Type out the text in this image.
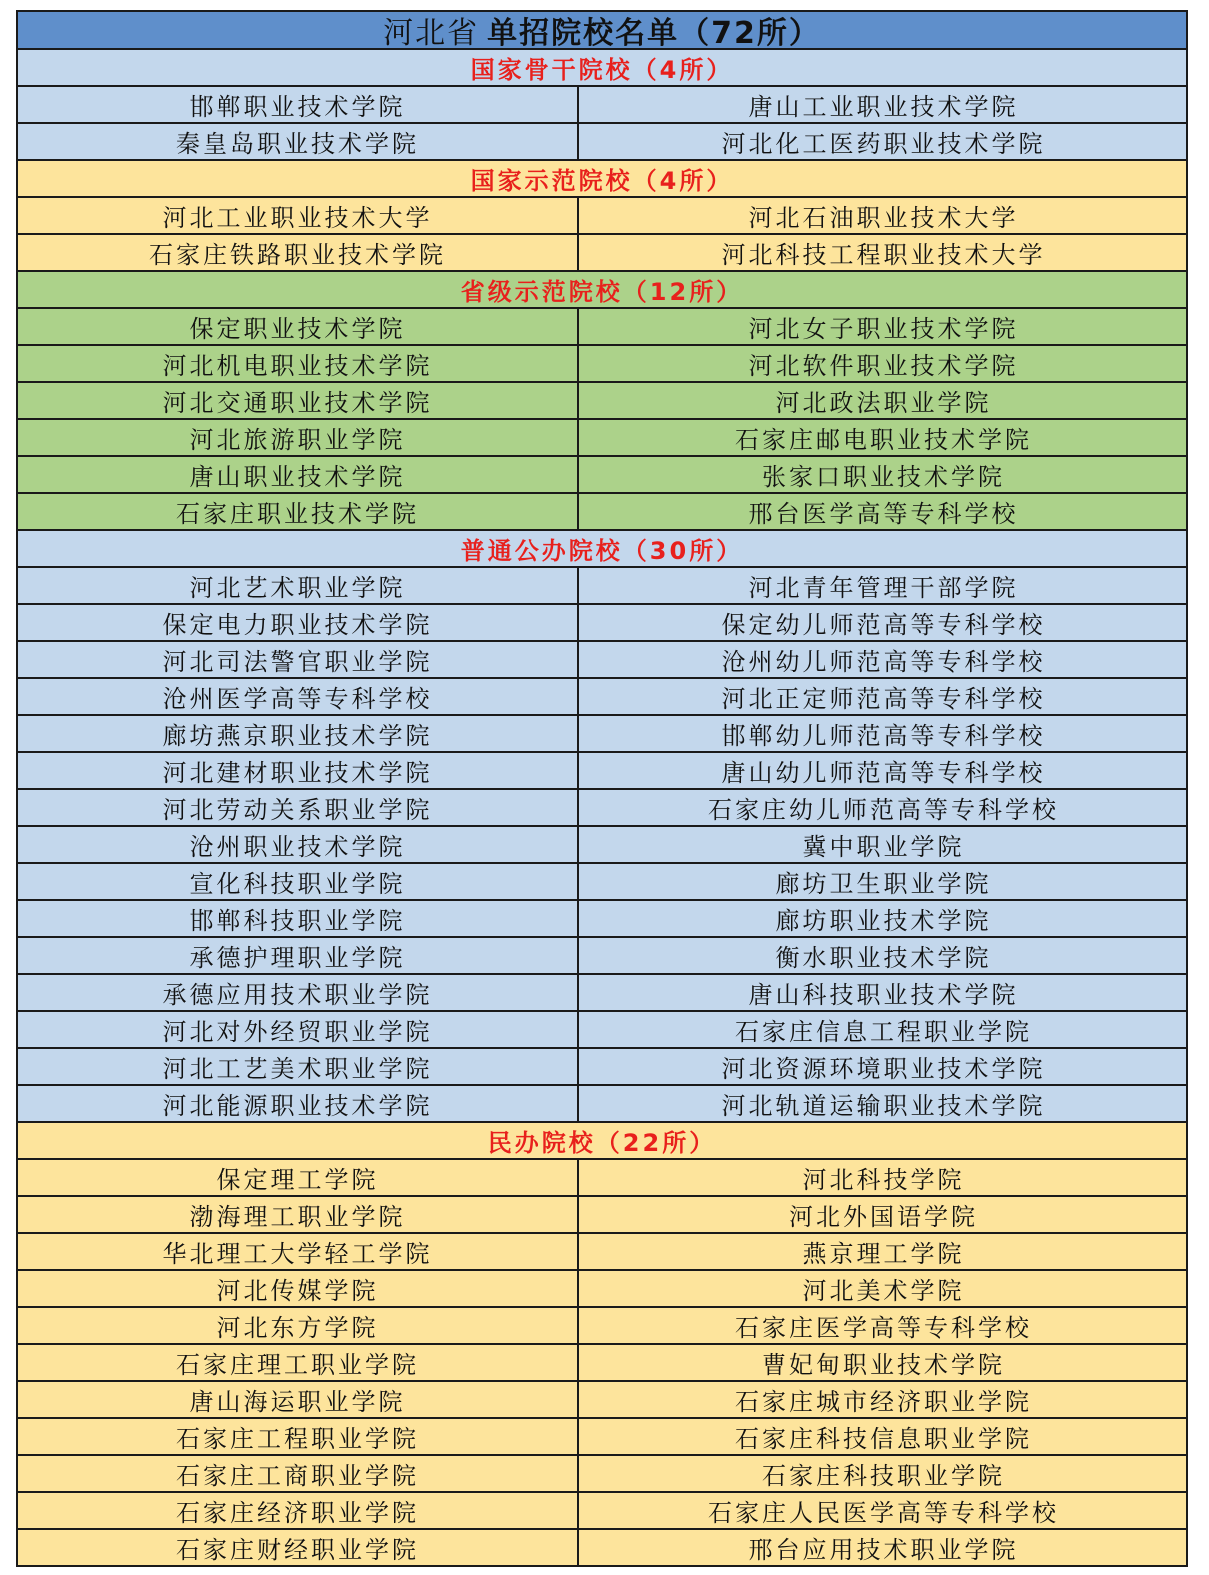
河北省 单招院校名单（72所）
国家骨干院校（4所）
邯郸职业技术学院	唐山工业职业技术学院
秦皇岛职业技术学院	河北化工医药职业技术学院
国家示范院校（4所）
河北工业职业技术大学	河北石油职业技术大学
石家庄铁路职业技术学院	河北科技工程职业技术大学
省级示范院校（12所）
保定职业技术学院	河北女子职业技术学院
河北机电职业技术学院	河北软件职业技术学院
河北交通职业技术学院	河北政法职业学院
河北旅游职业学院	石家庄邮电职业技术学院
唐山职业技术学院	张家口职业技术学院
石家庄职业技术学院	邢台医学高等专科学校
普通公办院校（30所）
河北艺术职业学院	河北青年管理干部学院
保定电力职业技术学院	保定幼儿师范高等专科学校
河北司法警官职业学院	沧州幼儿师范高等专科学校
沧州医学高等专科学校	河北正定师范高等专科学校
廊坊燕京职业技术学院	邯郸幼儿师范高等专科学校
河北建材职业技术学院	唐山幼儿师范高等专科学校
河北劳动关系职业学院	石家庄幼儿师范高等专科学校
沧州职业技术学院	冀中职业学院
宣化科技职业学院	廊坊卫生职业学院
邯郸科技职业学院	廊坊职业技术学院
承德护理职业学院	衡水职业技术学院
承德应用技术职业学院	唐山科技职业技术学院
河北对外经贸职业学院	石家庄信息工程职业学院
河北工艺美术职业学院	河北资源环境职业技术学院
河北能源职业技术学院	河北轨道运输职业技术学院
民办院校（22所）
保定理工学院	河北科技学院
渤海理工职业学院	河北外国语学院
华北理工大学轻工学院	燕京理工学院
河北传媒学院	河北美术学院
河北东方学院	石家庄医学高等专科学校
石家庄理工职业学院	曹妃甸职业技术学院
唐山海运职业学院	石家庄城市经济职业学院
石家庄工程职业学院	石家庄科技信息职业学院
石家庄工商职业学院	石家庄科技职业学院
石家庄经济职业学院	石家庄人民医学高等专科学校
石家庄财经职业学院	邢台应用技术职业学院
